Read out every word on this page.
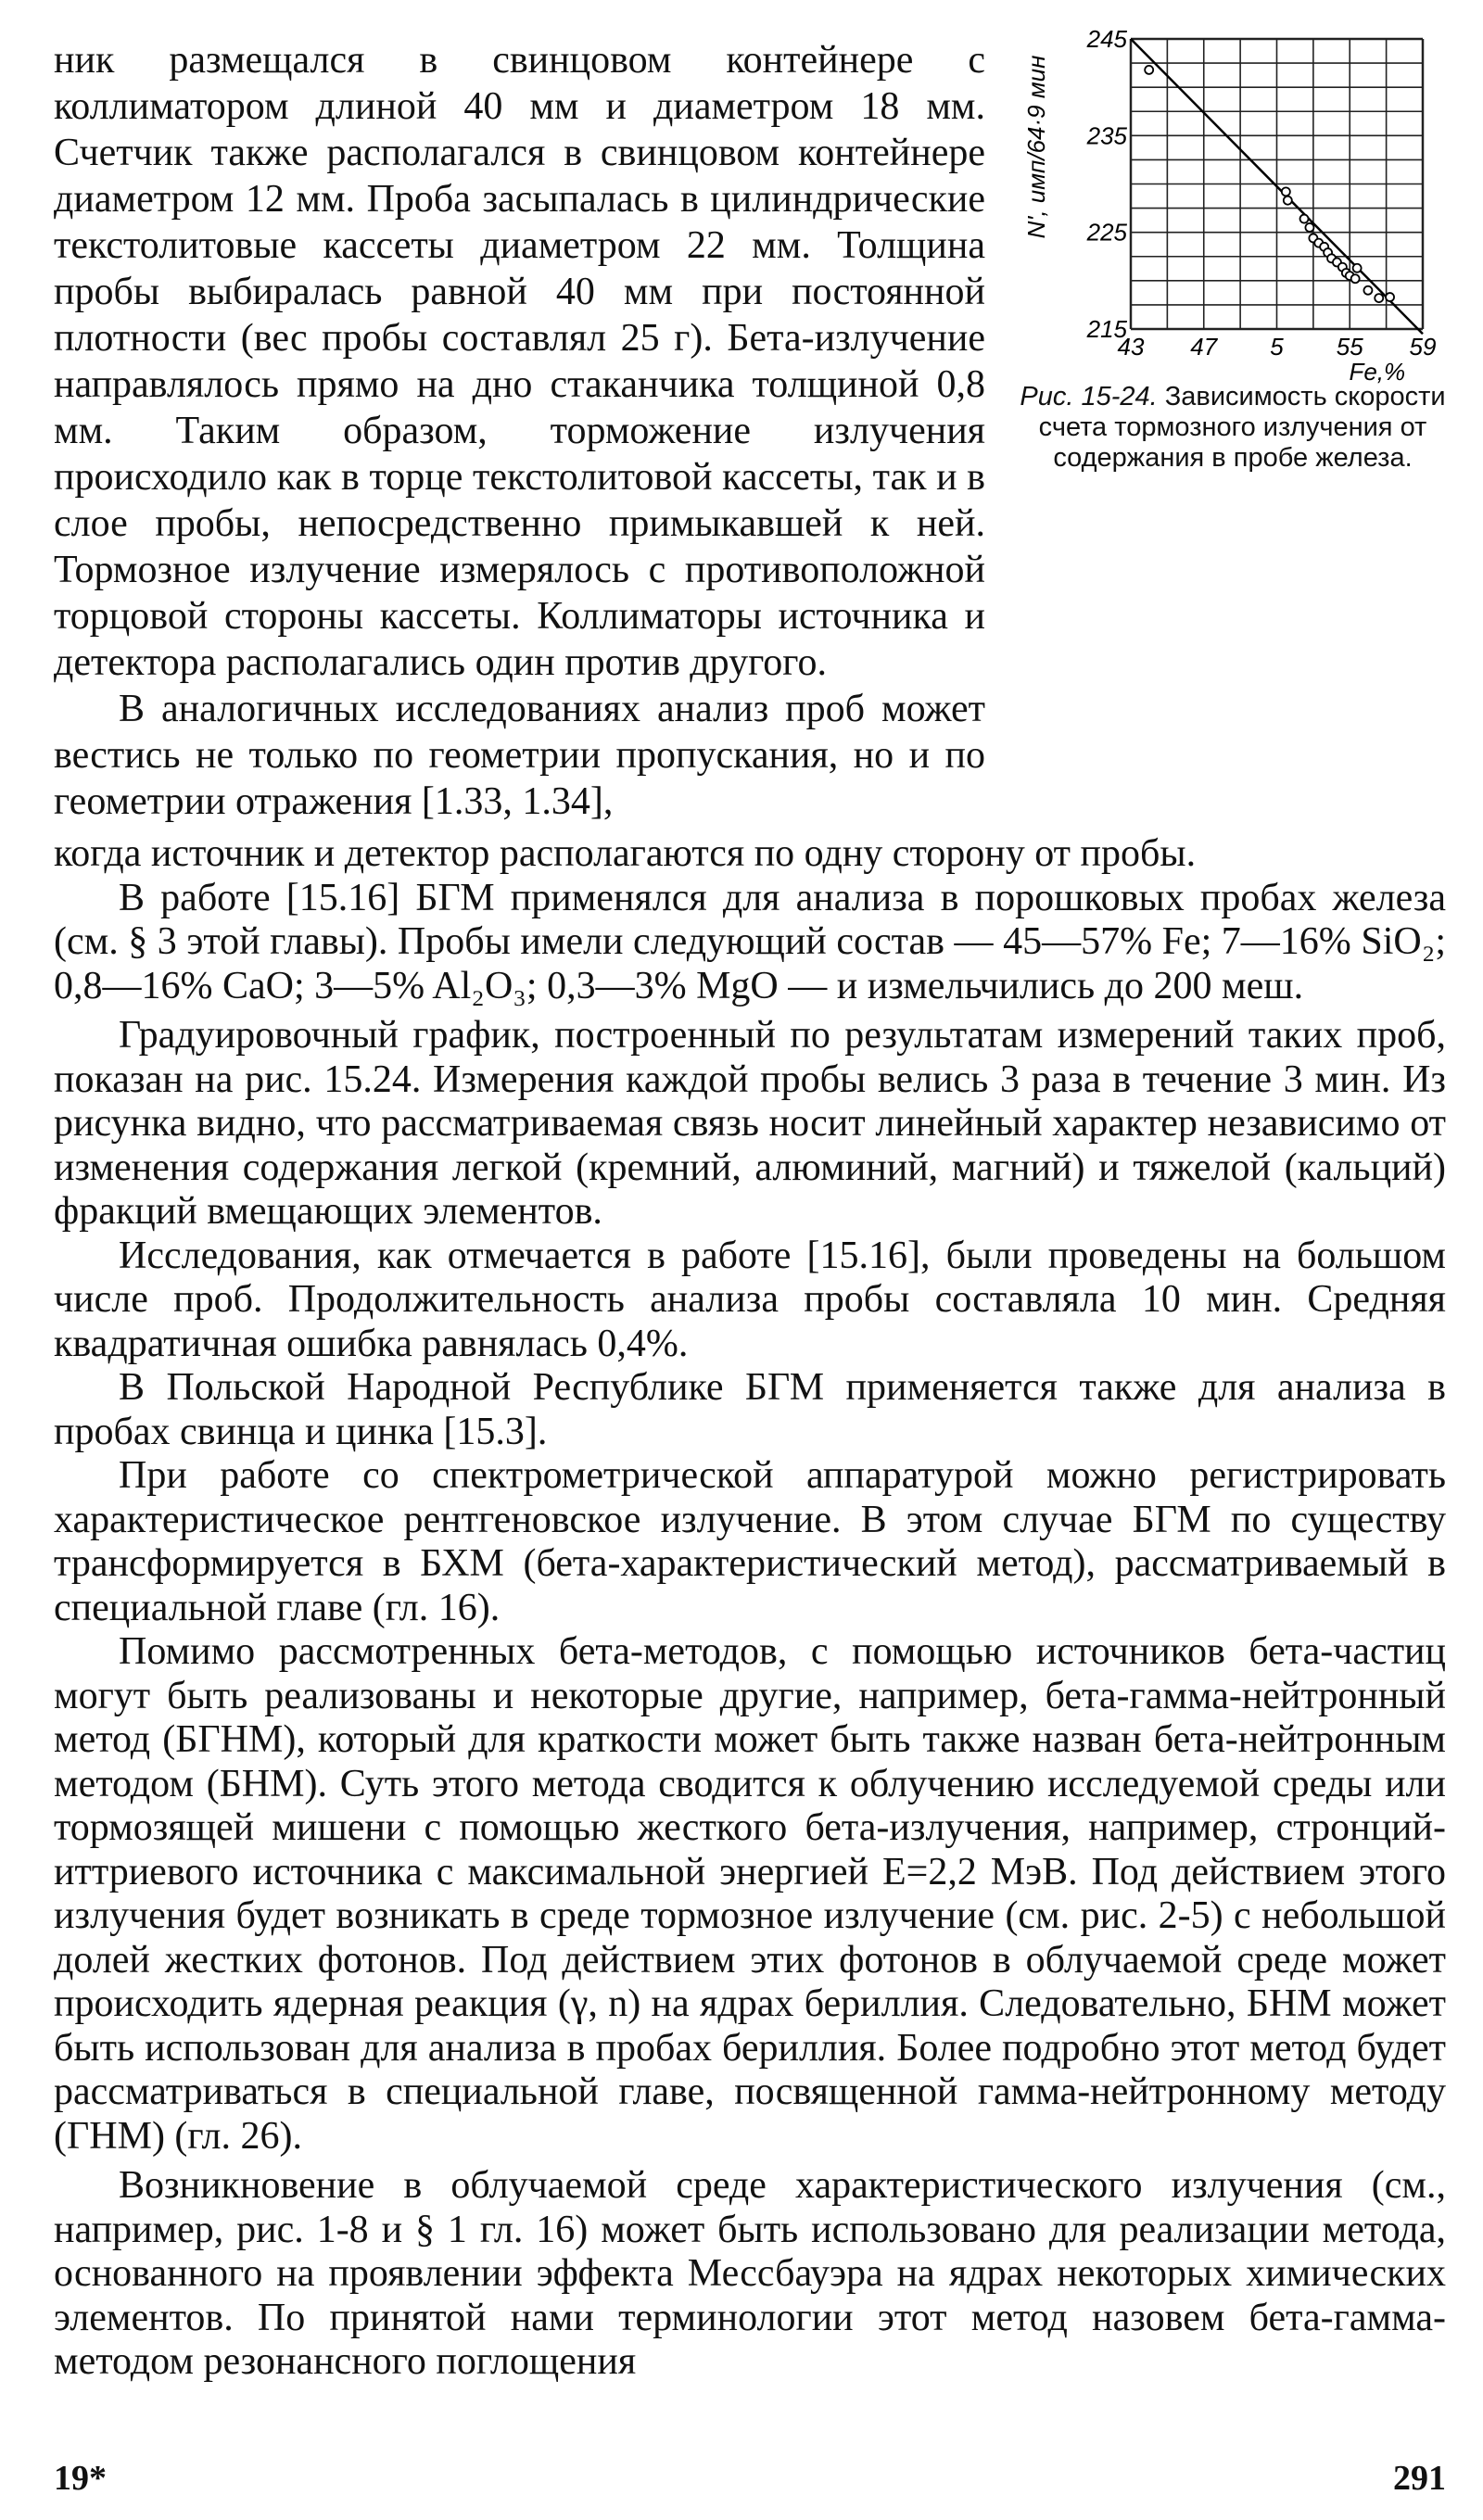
ник размещался в свинцовом контейнере с коллиматором длиной 40 мм и диаметром 18 мм. Счетчик также располагался в свинцовом контейнере диаметром 12 мм. Проба засыпалась в цилиндрические текстолитовые кассеты диаметром 22 мм. Толщина пробы выбиралась равной 40 мм при постоянной плотности (вес пробы составлял 25 г). Бета-излучение направлялось прямо на дно стаканчика толщиной 0,8 мм. Таким образом, торможение излучения происходило как в торце текстолитовой кассеты, так и в слое пробы, непосредственно примыкавшей к ней. Тормозное излучение измерялось с противоположной торцовой стороны кассеты. Коллиматоры источника и детектора располагались один против другого.

В аналогичных исследованиях анализ проб может вестись не только по геометрии пропускания, но и по геометрии отражения [1.33, 1.34],

245
235
225
215
43 47 5 55 59
Fe,%
N', имп/64·9 мин
Рис. 15-24. Зависимость скорости счета тормозного излучения от содержания в пробе железа.

когда источник и детектор располагаются по одну сторону от пробы.

В работе [15.16] БГМ применялся для анализа в порошковых пробах железа (см. § 3 этой главы). Пробы имели следующий состав — 45—57% Fe; 7—16% SiO₂; 0,8—16% CaO; 3—5% Al₂O₃; 0,3—3% MgO — и измельчились до 200 меш.

Градуировочный график, построенный по результатам измерений таких проб, показан на рис. 15.24. Измерения каждой пробы велись 3 раза в течение 3 мин. Из рисунка видно, что рассматриваемая связь носит линейный характер независимо от изменения содержания легкой (кремний, алюминий, магний) и тяжелой (кальций) фракций вмещающих элементов.

Исследования, как отмечается в работе [15.16], были проведены на большом числе проб. Продолжительность анализа пробы составляла 10 мин. Средняя квадратичная ошибка равнялась 0,4%.

В Польской Народной Республике БГМ применяется также для анализа в пробах свинца и цинка [15.3].

При работе со спектрометрической аппаратурой можно регистрировать характеристическое рентгеновское излучение. В этом случае БГМ по существу трансформируется в БХМ (бета-характеристический метод), рассматриваемый в специальной главе (гл. 16).

Помимо рассмотренных бета-методов, с помощью источников бета-частиц могут быть реализованы и некоторые другие, например, бета-гамма-нейтронный метод (БГНМ), который для краткости может быть также назван бета-нейтронным методом (БНМ). Суть этого метода сводится к облучению исследуемой среды или тормозящей мишени с помощью жесткого бета-излучения, например, стронций-иттриевого источника с максимальной энергией E=2,2 МэВ. Под действием этого излучения будет возникать в среде тормозное излучение (см. рис. 2-5) с небольшой долей жестких фотонов. Под действием этих фотонов в облучаемой среде может происходить ядерная реакция (γ, n) на ядрах бериллия. Следовательно, БНМ может быть использован для анализа в пробах бериллия. Более подробно этот метод будет рассматриваться в специальной главе, посвященной гамма-нейтронному методу (ГНМ) (гл. 26).

Возникновение в облучаемой среде характеристического излучения (см., например, рис. 1-8 и § 1 гл. 16) может быть использовано для реализации метода, основанного на проявлении эффекта Мессбауэра на ядрах некоторых химических элементов. По принятой нами терминологии этот метод назовем бета-гамма-методом резонансного поглощения

19*	291
